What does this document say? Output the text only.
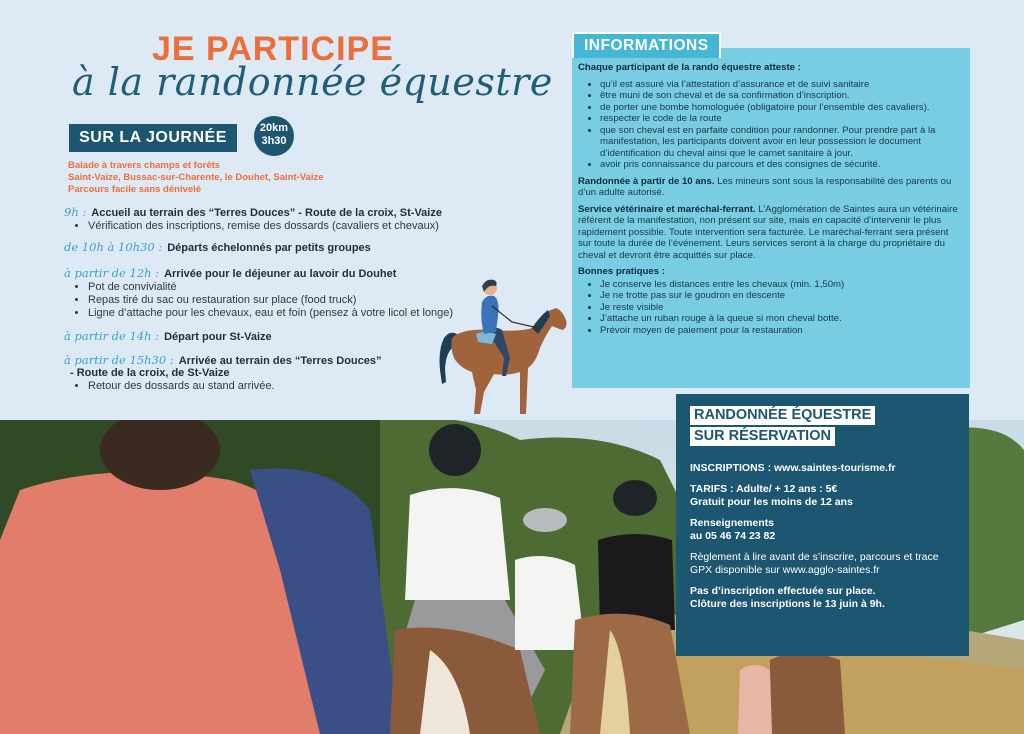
JE PARTICIPE
à la randonnée équestre
SUR LA JOURNÉE
20km
3h30
Balade à travers champs et forêts
Saint-Vaize, Bussac-sur-Charente, le Douhet, Saint-Vaize
Parcours facile sans dénivelé
9h : Accueil au terrain des “Terres Douces” - Route de la croix, St-Vaize
• Vérification des inscriptions, remise des dossards (cavaliers et chevaux)
de 10h à 10h30 : Départs échelonnés par petits groupes
à partir de 12h : Arrivée pour le déjeuner au lavoir du Douhet
• Pot de convivialité
• Repas tiré du sac ou restauration sur place (food truck)
• Ligne d’attache pour les chevaux, eau et foin (pensez à votre licol et longe)
à partir de 14h : Départ pour St-Vaize
à partir de 15h30 : Arrivée au terrain des “Terres Douces”
- Route de la croix, de St-Vaize
• Retour des dossards au stand arrivée.
INFORMATIONS

Chaque participant de la rando équestre atteste :

• qu’il est assuré via l’attestation d’assurance et de suivi sanitaire
• être muni de son cheval et de sa confirmation d’inscription.
• de porter une bombe homologuée (obligatoire pour l’ensemble des cavaliers).
• respecter le code de la route
• que son cheval est en parfaite condition pour randonner. Pour prendre part à la manifestation, les participants doivent avoir en leur possession le document d’identification du cheval ainsi que le carnet sanitaire à jour.
• avoir pris connaissance du parcours et des consignes de sécurité.

Randonnée à partir de 10 ans. Les mineurs sont sous la responsabilité des parents ou d’un adulte autorisé.

Service vétérinaire et maréchal-ferrant. L’Agglomération de Saintes aura un vétérinaire référent de la manifestation, non présent sur site, mais en capacité d’intervenir le plus rapidement possible. Toute intervention sera facturée. Le maréchal-ferrant sera présent sur toute la durée de l’événement. Leurs services seront à la charge du propriétaire du cheval et devront être acquittés sur place.

Bonnes pratiques :

• Je conserve les distances entre les chevaux (min. 1,50m)
• Je ne trotte pas sur le goudron en descente
• Je reste visible
• J’attache un ruban rouge à la queue si mon cheval botte.
• Prévoir moyen de paiement pour la restauration
RANDONNÉE ÉQUESTRE
SUR RÉSERVATION

INSCRIPTIONS : www.saintes-tourisme.fr

TARIFS : Adulte/ + 12 ans : 5€
Gratuit pour les moins de 12 ans

Renseignements
au 05 46 74 23 82

Règlement à lire avant de s’inscrire, parcours et trace GPX disponible sur www.agglo-saintes.fr

Pas d’inscription effectuée sur place.
Clôture des inscriptions le 13 juin à 9h.
